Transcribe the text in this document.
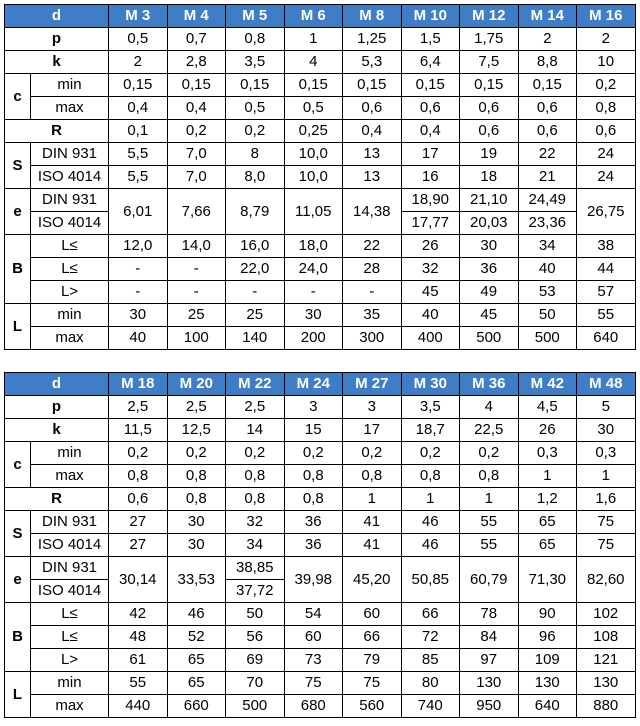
d		M 3	M 4	M 5	M 6	M 8	M 10	M 12	M 14	M 16
p		0,5	0,7	0,8	1	1,25	1,5	1,75	2	2
k		2	2,8	3,5	4	5,3	6,4	7,5	8,8	10
c	min	0,15	0,15	0,15	0,15	0,15	0,15	0,15	0,15	0,2
	max	0,4	0,4	0,5	0,5	0,6	0,6	0,6	0,6	0,8
R		0,1	0,2	0,2	0,25	0,4	0,4	0,6	0,6	0,6
S	DIN 931	5,5	7,0	8	10,0	13	17	19	22	24
	ISO 4014	5,5	7,0	8,0	10,0	13	16	18	21	24
e	DIN 931	6,01	7,66	8,79	11,05	14,38	18,90	21,10	24,49	26,75
	ISO 4014						17,77	20,03	23,36	
B	L≤	12,0	14,0	16,0	18,0	22	26	30	34	38
	L≤	-	-	22,0	24,0	28	32	36	40	44
	L>	-	-	-	-	-	45	49	53	57
L	min	30	25	25	30	35	40	45	50	55
	max	40	100	140	200	300	400	500	500	640
d		M 18	M 20	M 22	M 24	M 27	M 30	M 36	M 42	M 48
p		2,5	2,5	2,5	3	3	3,5	4	4,5	5
k		11,5	12,5	14	15	17	18,7	22,5	26	30
c	min	0,2	0,2	0,2	0,2	0,2	0,2	0,2	0,3	0,3
	max	0,8	0,8	0,8	0,8	0,8	0,8	0,8	1	1
R		0,6	0,8	0,8	0,8	1	1	1	1,2	1,6
S	DIN 931	27	30	32	36	41	46	55	65	75
	ISO 4014	27	30	34	36	41	46	55	65	75
e	DIN 931	30,14	33,53	38,85	39,98	45,20	50,85	60,79	71,30	82,60
	ISO 4014			37,72						
B	L≤	42	46	50	54	60	66	78	90	102
	L≤	48	52	56	60	66	72	84	96	108
	L>	61	65	69	73	79	85	97	109	121
L	min	55	65	70	75	75	80	130	130	130
	max	440	660	500	680	560	740	950	640	880
